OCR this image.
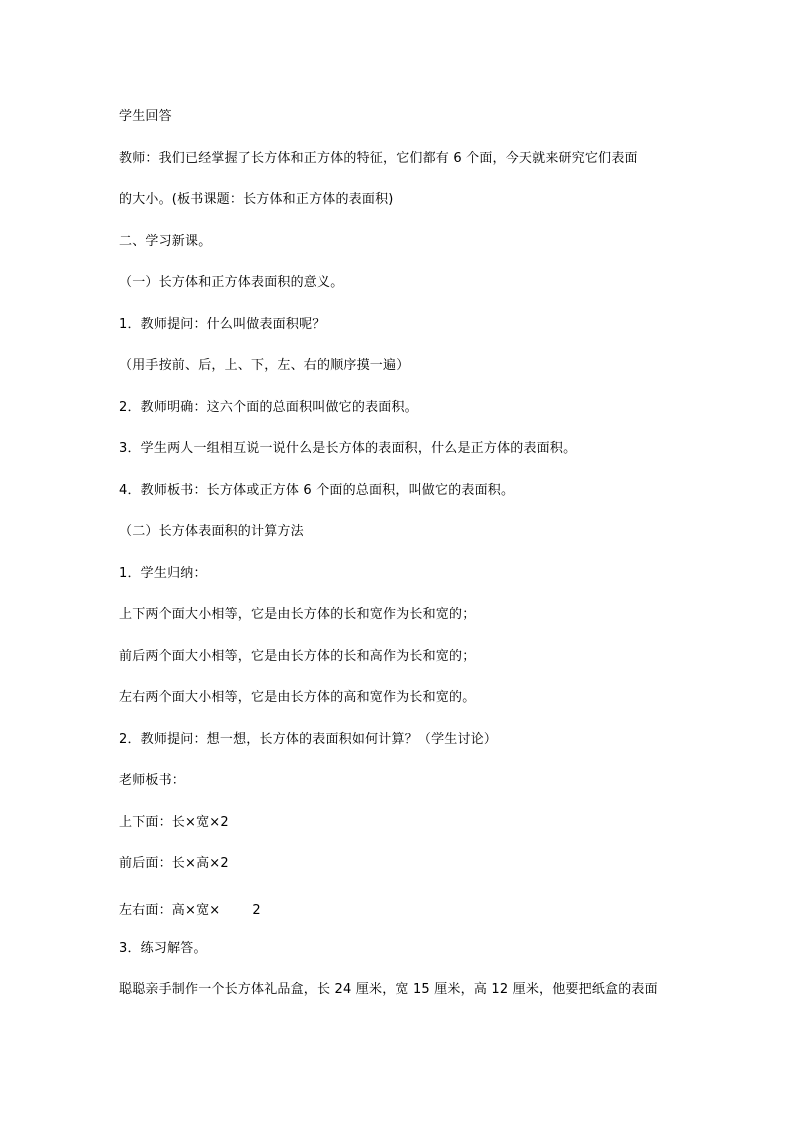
学生回答
教师：我们已经掌握了长方体和正方体的特征，它们都有 6 个面，今天就来研究它们表面
的大小。(板书课题：长方体和正方体的表面积)
二、学习新课。
（一）长方体和正方体表面积的意义。
1．教师提问：什么叫做表面积呢？
（用手按前、后，上、下，左、右的顺序摸一遍）
2．教师明确：这六个面的总面积叫做它的表面积。
3．学生两人一组相互说一说什么是长方体的表面积，什么是正方体的表面积。
4．教师板书：长方体或正方体 6 个面的总面积，叫做它的表面积。
（二）长方体表面积的计算方法
1．学生归纳：
上下两个面大小相等，它是由长方体的长和宽作为长和宽的；
前后两个面大小相等，它是由长方体的长和高作为长和宽的；
左右两个面大小相等，它是由长方体的高和宽作为长和宽的。
2．教师提问：想一想，长方体的表面积如何计算？（学生讨论）
老师板书：
上下面：长×宽×2
前后面：长×高×2
左右面：高×宽× 2
3．练习解答。
聪聪亲手制作一个长方体礼品盒，长 24 厘米，宽 15 厘米，高 12 厘米，他要把纸盒的表面
